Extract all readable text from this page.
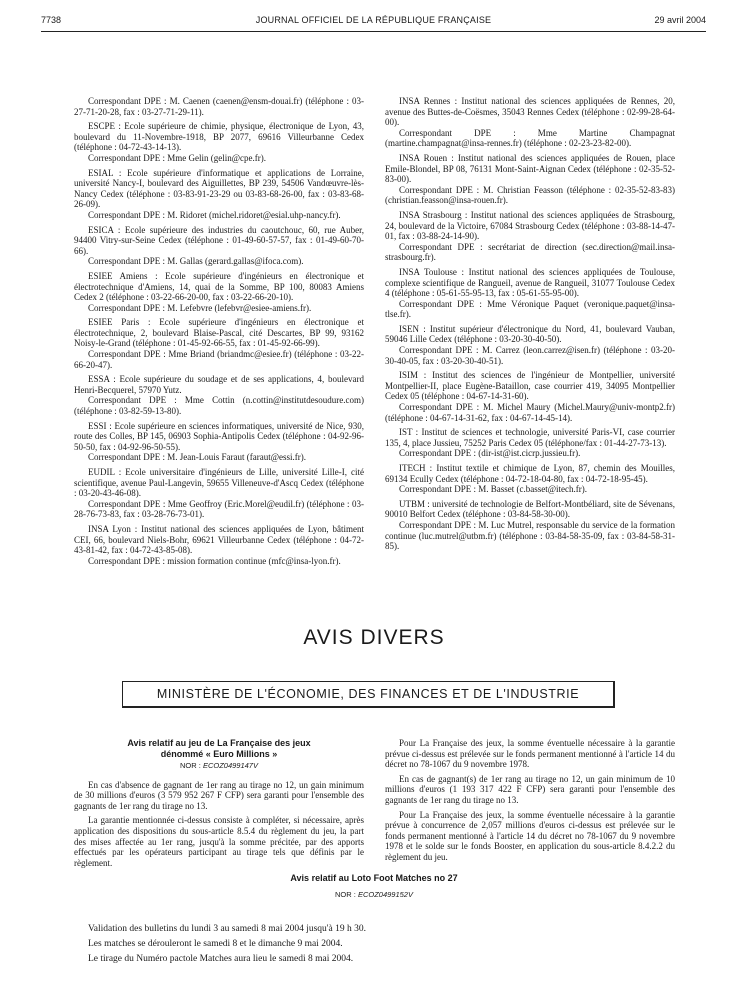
7738	JOURNAL OFFICIEL DE LA RÉPUBLIQUE FRANÇAISE	29 avril 2004

Correspondant DPE : M. Caenen (caenen@ensm-douai.fr) (téléphone : 03-27-71-20-28, fax : 03-27-71-29-11).

ESCPE : Ecole supérieure de chimie, physique, électronique de Lyon, 43, boulevard du 11-Novembre-1918, BP 2077, 69616 Villeurbanne Cedex (téléphone : 04-72-43-14-13).

Correspondant DPE : Mme Gelin (gelin@cpe.fr).

ESIAL : Ecole supérieure d'informatique et applications de Lorraine, université Nancy-I, boulevard des Aiguillettes, BP 239, 54506 Vandœuvre-lès-Nancy Cedex (téléphone : 03-83-91-23-29 ou 03-83-68-26-00, fax : 03-83-68-26-09).

Correspondant DPE : M. Ridoret (michel.ridoret@esial.uhp-nancy.fr).

ESICA : Ecole supérieure des industries du caoutchouc, 60, rue Auber, 94400 Vitry-sur-Seine Cedex (téléphone : 01-49-60-57-57, fax : 01-49-60-70-66).

Correspondant DPE : M. Gallas (gerard.gallas@ifoca.com).

ESIEE Amiens : Ecole supérieure d'ingénieurs en électronique et électrotechnique d'Amiens, 14, quai de la Somme, BP 100, 80083 Amiens Cedex 2 (téléphone : 03-22-66-20-00, fax : 03-22-66-20-10).

Correspondant DPE : M. Lefebvre (lefebvr@esiee-amiens.fr).

ESIEE Paris : Ecole supérieure d'ingénieurs en électronique et électrotechnique, 2, boulevard Blaise-Pascal, cité Descartes, BP 99, 93162 Noisy-le-Grand (téléphone : 01-45-92-66-55, fax : 01-45-92-66-99).

Correspondant DPE : Mme Briand (briandmc@esiee.fr) (téléphone : 03-22-66-20-47).

ESSA : Ecole supérieure du soudage et de ses applications, 4, boulevard Henri-Becquerel, 57970 Yutz.

Correspondant DPE : Mme Cottin (n.cottin@institutdesoudure.com) (téléphone : 03-82-59-13-80).

ESSI : Ecole supérieure en sciences informatiques, université de Nice, 930, route des Colles, BP 145, 06903 Sophia-Antipolis Cedex (téléphone : 04-92-96-50-50, fax : 04-92-96-50-55).

Correspondant DPE : M. Jean-Louis Faraut (faraut@essi.fr).

EUDIL : Ecole universitaire d'ingénieurs de Lille, université Lille-I, cité scientifique, avenue Paul-Langevin, 59655 Villeneuve-d'Ascq Cedex (téléphone : 03-20-43-46-08).

Correspondant DPE : Mme Geoffroy (Eric.Morel@eudil.fr) (téléphone : 03-28-76-73-83, fax : 03-28-76-73-01).

INSA Lyon : Institut national des sciences appliquées de Lyon, bâtiment CEI, 66, boulevard Niels-Bohr, 69621 Villeurbanne Cedex (téléphone : 04-72-43-81-42, fax : 04-72-43-85-08).

Correspondant DPE : mission formation continue (mfc@insa-lyon.fr).

INSA Rennes : Institut national des sciences appliquées de Rennes, 20, avenue des Buttes-de-Coësmes, 35043 Rennes Cedex (téléphone : 02-99-28-64-00).

Correspondant DPE : Mme Martine Champagnat (martine.champagnat@insa-rennes.fr) (téléphone : 02-23-23-82-00).

INSA Rouen : Institut national des sciences appliquées de Rouen, place Emile-Blondel, BP 08, 76131 Mont-Saint-Aignan Cedex (téléphone : 02-35-52-83-00).

Correspondant DPE : M. Christian Feasson (téléphone : 02-35-52-83-83) (christian.feasson@insa-rouen.fr).

INSA Strasbourg : Institut national des sciences appliquées de Strasbourg, 24, boulevard de la Victoire, 67084 Strasbourg Cedex (téléphone : 03-88-14-47-01, fax : 03-88-24-14-90).

Correspondant DPE : secrétariat de direction (sec.direction@mail.insa-strasbourg.fr).

INSA Toulouse : Institut national des sciences appliquées de Toulouse, complexe scientifique de Rangueil, avenue de Rangueil, 31077 Toulouse Cedex 4 (téléphone : 05-61-55-95-13, fax : 05-61-55-95-00).

Correspondant DPE : Mme Véronique Paquet (veronique.paquet@insa-tlse.fr).

ISEN : Institut supérieur d'électronique du Nord, 41, boulevard Vauban, 59046 Lille Cedex (téléphone : 03-20-30-40-50).

Correspondant DPE : M. Carrez (leon.carrez@isen.fr) (téléphone : 03-20-30-40-05, fax : 03-20-30-40-51).

ISIM : Institut des sciences de l'ingénieur de Montpellier, université Montpellier-II, place Eugène-Bataillon, case courrier 419, 34095 Montpellier Cedex 05 (téléphone : 04-67-14-31-60).

Correspondant DPE : M. Michel Maury (Michel.Maury@univ-montp2.fr) (téléphone : 04-67-14-31-62, fax : 04-67-14-45-14).

IST : Institut de sciences et technologie, université Paris-VI, case courrier 135, 4, place Jussieu, 75252 Paris Cedex 05 (téléphone/fax : 01-44-27-73-13).

Correspondant DPE : (dir-ist@ist.cicrp.jussieu.fr).

ITECH : Institut textile et chimique de Lyon, 87, chemin des Mouilles, 69134 Ecully Cedex (téléphone : 04-72-18-04-80, fax : 04-72-18-95-45).

Correspondant DPE : M. Basset (c.basset@itech.fr).

UTBM : université de technologie de Belfort-Montbéliard, site de Sévenans, 90010 Belfort Cedex (téléphone : 03-84-58-30-00).

Correspondant DPE : M. Luc Mutrel, responsable du service de la formation continue (luc.mutrel@utbm.fr) (téléphone : 03-84-58-35-09, fax : 03-84-58-31-85).

AVIS DIVERS
MINISTÈRE DE L'ÉCONOMIE, DES FINANCES ET DE L'INDUSTRIE
Avis relatif au jeu de La Française des jeux
dénommé « Euro Millions »
NOR : ECOZ0499147V

En cas d'absence de gagnant de 1er rang au tirage no 12, un gain minimum de 30 millions d'euros (3 579 952 267 F CFP) sera garanti pour l'ensemble des gagnants de 1er rang du tirage no 13.

La garantie mentionnée ci-dessus consiste à compléter, si nécessaire, après application des dispositions du sous-article 8.5.4 du règlement du jeu, la part des mises affectée au 1er rang, jusqu'à la somme précitée, par des apports effectués par les opérateurs participant au tirage tels que définis par le règlement.

Pour La Française des jeux, la somme éventuelle nécessaire à la garantie prévue ci-dessus est prélevée sur le fonds permanent mentionné à l'article 14 du décret no 78-1067 du 9 novembre 1978.

En cas de gagnant(s) de 1er rang au tirage no 12, un gain minimum de 10 millions d'euros (1 193 317 422 F CFP) sera garanti pour l'ensemble des gagnants de 1er rang du tirage no 13.

Pour La Française des jeux, la somme éventuelle nécessaire à la garantie prévue à concurrence de 2,057 millions d'euros ci-dessus est prélevée sur le fonds permanent mentionné à l'article 14 du décret no 78-1067 du 9 novembre 1978 et le solde sur le fonds Booster, en application du sous-article 8.4.2.2 du règlement du jeu.

Avis relatif au Loto Foot Matches no 27
NOR : ECOZ0499152V

Validation des bulletins du lundi 3 au samedi 8 mai 2004 jusqu'à 19 h 30.

Les matches se dérouleront le samedi 8 et le dimanche 9 mai 2004.

Le tirage du Numéro pactole Matches aura lieu le samedi 8 mai 2004.
